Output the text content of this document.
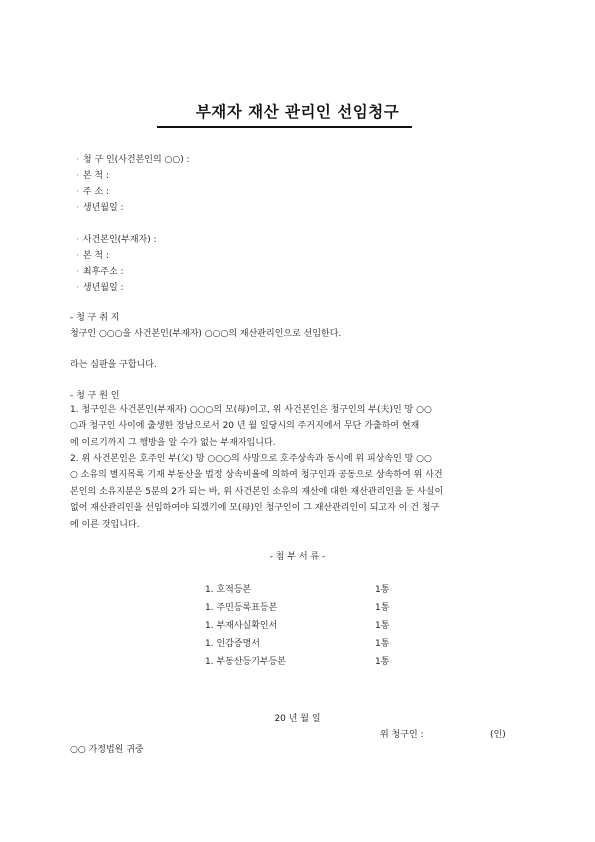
부재자 재산 관리인 선임청구
· 청 구 인(사건본인의 ○○) :
· 본 적 :
· 주 소 :
· 생년월일 :
· 사건본인(부재자) :
· 본 적 :
· 최후주소 :
· 생년월일 :
- 청 구 취 지
청구인 ○○○을 사건본인(부재자) ○○○의 재산관리인으로 선임한다.
라는 심판을 구합니다.
- 청 구 원 인
1. 청구인은 사건본인(부재자) ○○○의 모(母)이고, 위 사건본인은 청구인의 부(夫)인 망 ○○
○과 청구인 사이에 출생한 장남으로서 20 년 월 일당시의 주거지에서 무단 가출하여 현재
에 이르기까지 그 행방을 알 수가 없는 부재자입니다.
2. 위 사건본인은 호주인 부(父) 망 ○○○의 사망으로 호주상속과 동시에 위 피상속인 망 ○○
○ 소유의 별지목록 기재 부동산을 법정 상속비율에 의하여 청구인과 공동으로 상속하여 위 사건
본인의 소유지분은 5분의 2가 되는 바, 위 사건본인 소유의 재산에 대한 재산관리인을 둔 사실이
없어 재산관리인을 선임하여야 되겠기에 모(母)인 청구인이 그 재산관리인이 되고자 이 건 청구
에 이른 것입니다.
- 첨 부 서 류 -
1. 호적등본	1통
1. 주민등록표등본	1통
1. 부재사실확인서	1통
1. 인감증명서	1통
1. 부동산등기부등본	1통
20 년 월 일
위 청구인 :	(인)
○○ 가정법원 귀중
